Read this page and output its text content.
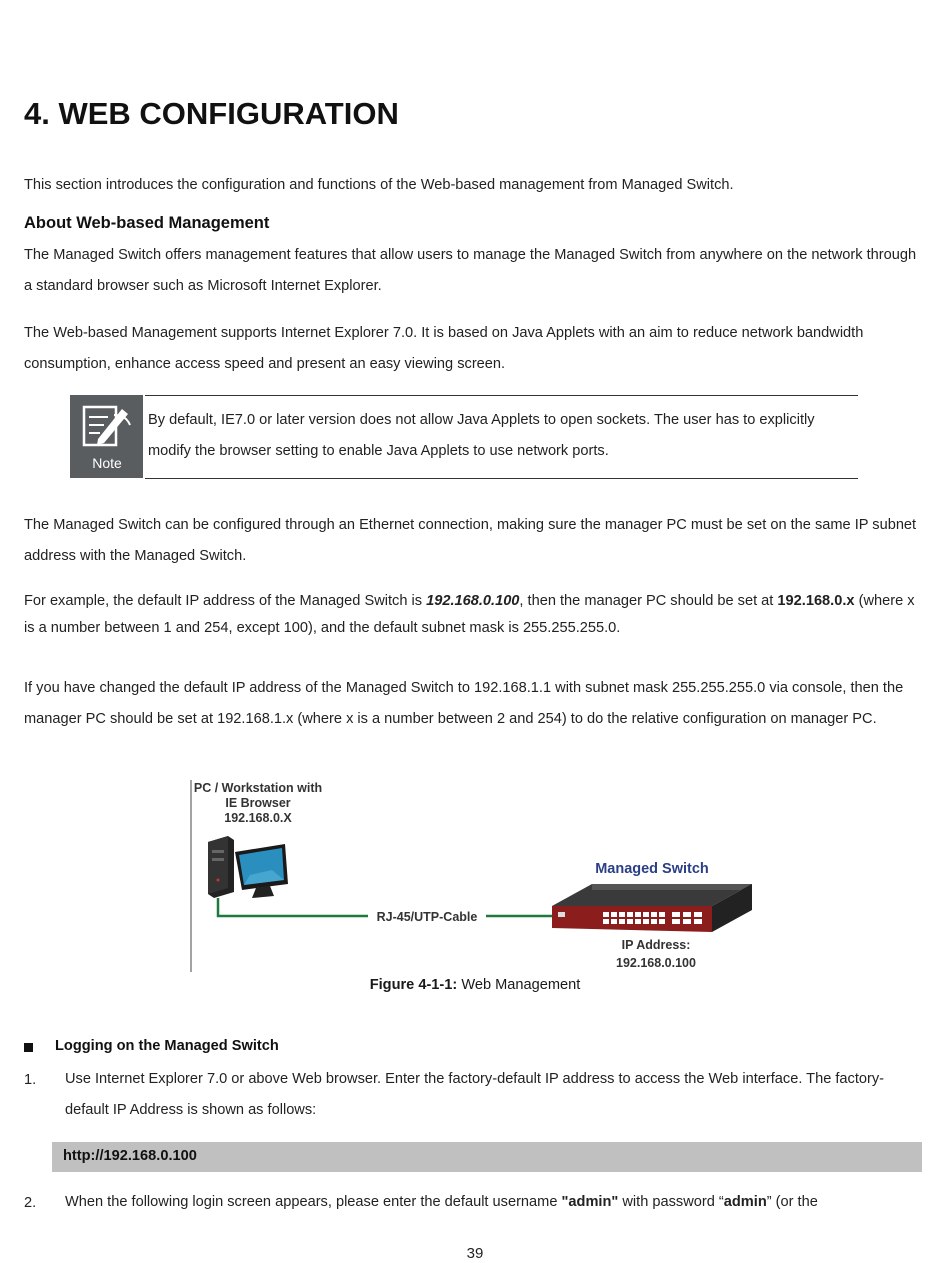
4. WEB CONFIGURATION
This section introduces the configuration and functions of the Web-based management from Managed Switch.
About Web-based Management
The Managed Switch offers management features that allow users to manage the Managed Switch from anywhere on the network through a standard browser such as Microsoft Internet Explorer.
The Web-based Management supports Internet Explorer 7.0. It is based on Java Applets with an aim to reduce network bandwidth consumption, enhance access speed and present an easy viewing screen.
Note
By default, IE7.0 or later version does not allow Java Applets to open sockets. The user has to explicitly modify the browser setting to enable Java Applets to use network ports.
The Managed Switch can be configured through an Ethernet connection, making sure the manager PC must be set on the same IP subnet address with the Managed Switch.
For example, the default IP address of the Managed Switch is 192.168.0.100, then the manager PC should be set at 192.168.0.x (where x is a number between 1 and 254, except 100), and the default subnet mask is 255.255.255.0.
If you have changed the default IP address of the Managed Switch to 192.168.1.1 with subnet mask 255.255.255.0 via console, then the manager PC should be set at 192.168.1.x (where x is a number between 2 and 254) to do the relative configuration on manager PC.
PC / Workstation with
IE Browser
192.168.0.X
RJ-45/UTP-Cable
Managed Switch
IP Address:
192.168.0.100
Figure 4-1-1: Web Management
Logging on the Managed Switch
1. Use Internet Explorer 7.0 or above Web browser. Enter the factory-default IP address to access the Web interface. The factory-default IP Address is shown as follows:
http://192.168.0.100
2. When the following login screen appears, please enter the default username "admin" with password “admin” (or the
39
